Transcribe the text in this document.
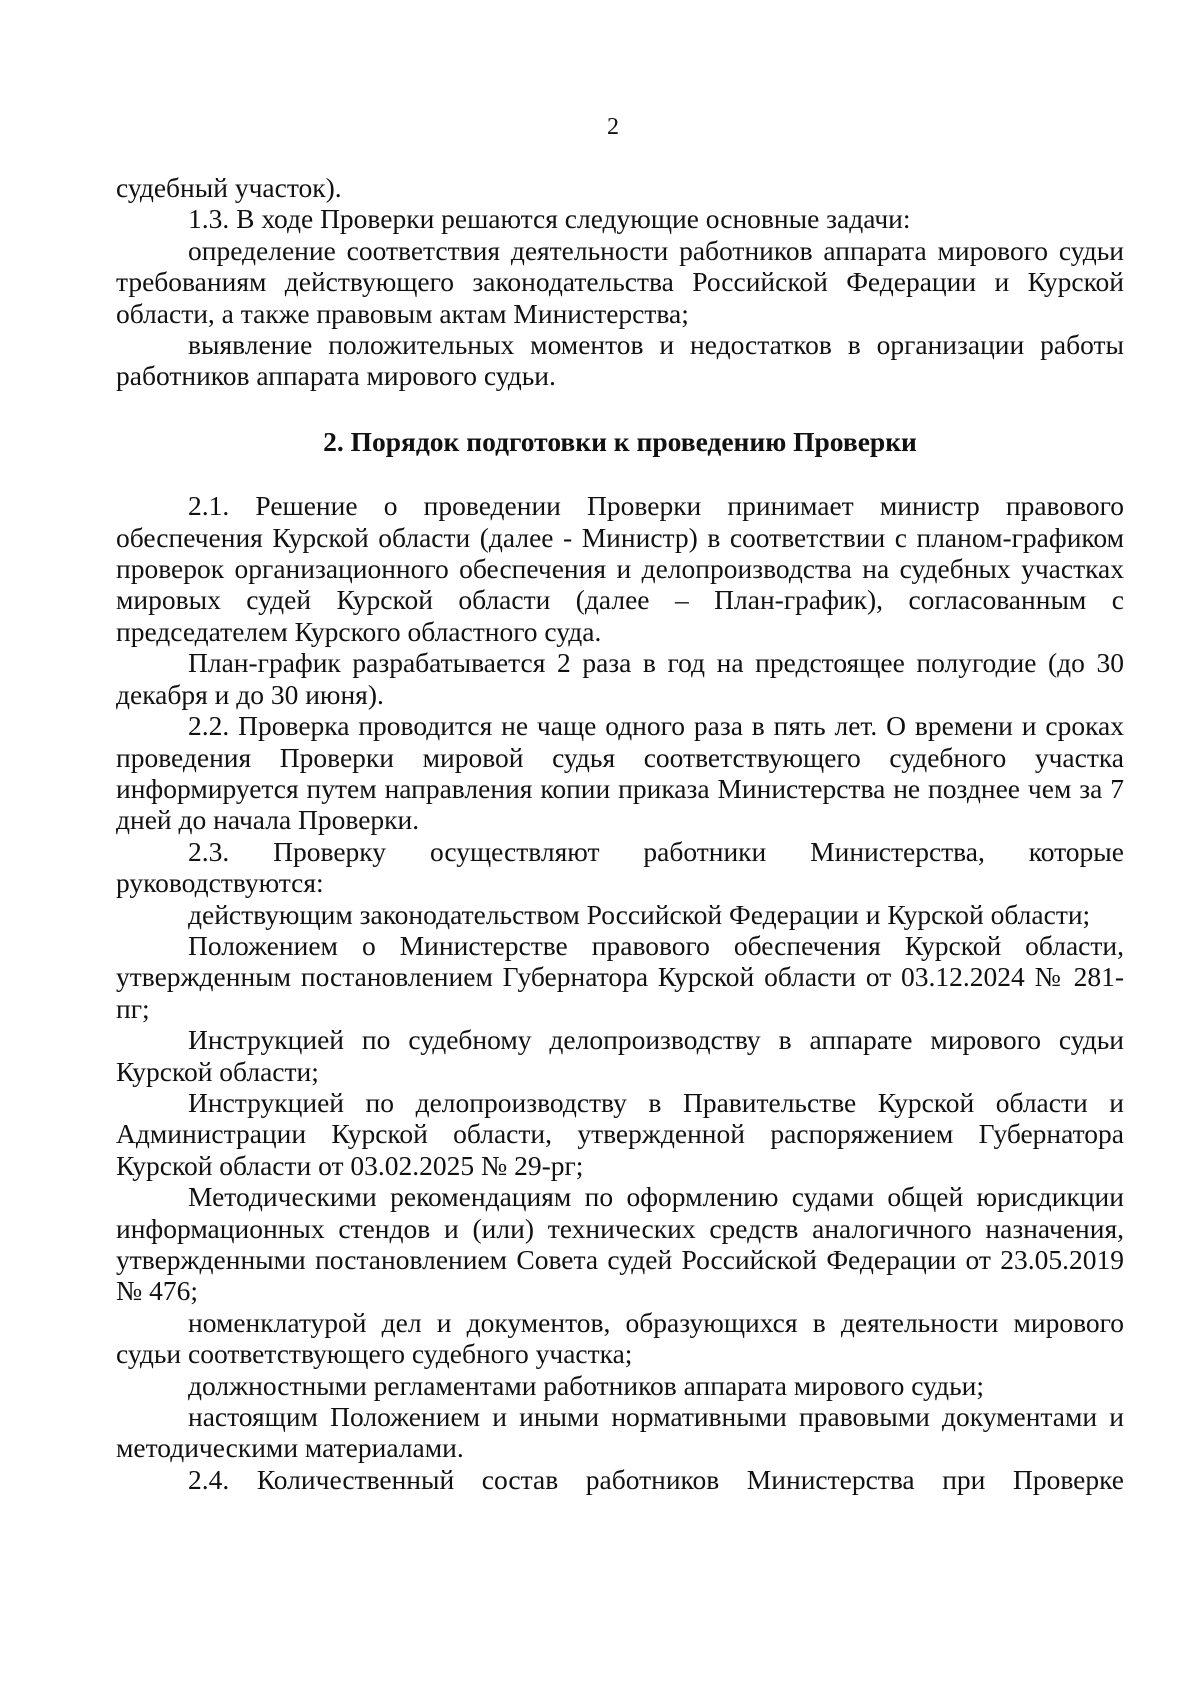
2

судебный участок).

1.3. В ходе Проверки решаются следующие основные задачи:

определение соответствия деятельности работников аппарата мирового судьи требованиям действующего законодательства Российской Федерации и Курской области, а также правовым актам Министерства;

выявление положительных моментов и недостатков в организации работы работников аппарата мирового судьи.

2. Порядок подготовки к проведению Проверки

2.1. Решение о проведении Проверки принимает министр правового обеспечения Курской области (далее - Министр) в соответствии с планом-графиком проверок организационного обеспечения и делопроизводства на судебных участках мировых судей Курской области (далее – План-график), согласованным с председателем Курского областного суда.

План-график разрабатывается 2 раза в год на предстоящее полугодие (до 30 декабря и до 30 июня).

2.2. Проверка проводится не чаще одного раза в пять лет. О времени и сроках проведения Проверки мировой судья соответствующего судебного участка информируется путем направления копии приказа Министерства не позднее чем за 7 дней до начала Проверки.

2.3. Проверку осуществляют работники Министерства, которые руководствуются:

действующим законодательством Российской Федерации и Курской области;

Положением о Министерстве правового обеспечения Курской области, утвержденным постановлением Губернатора Курской области от 03.12.2024 № 281-пг;

Инструкцией по судебному делопроизводству в аппарате мирового судьи Курской области;

Инструкцией по делопроизводству в Правительстве Курской области и Администрации Курской области, утвержденной распоряжением Губернатора Курской области от 03.02.2025 № 29-рг;

Методическими рекомендациям по оформлению судами общей юрисдикции информационных стендов и (или) технических средств аналогичного назначения, утвержденными постановлением Совета судей Российской Федерации от 23.05.2019 № 476;

номенклатурой дел и документов, образующихся в деятельности мирового судьи соответствующего судебного участка;

должностными регламентами работников аппарата мирового судьи;

настоящим Положением и иными нормативными правовыми документами и методическими материалами.

2.4. Количественный состав работников Министерства при Проверке
